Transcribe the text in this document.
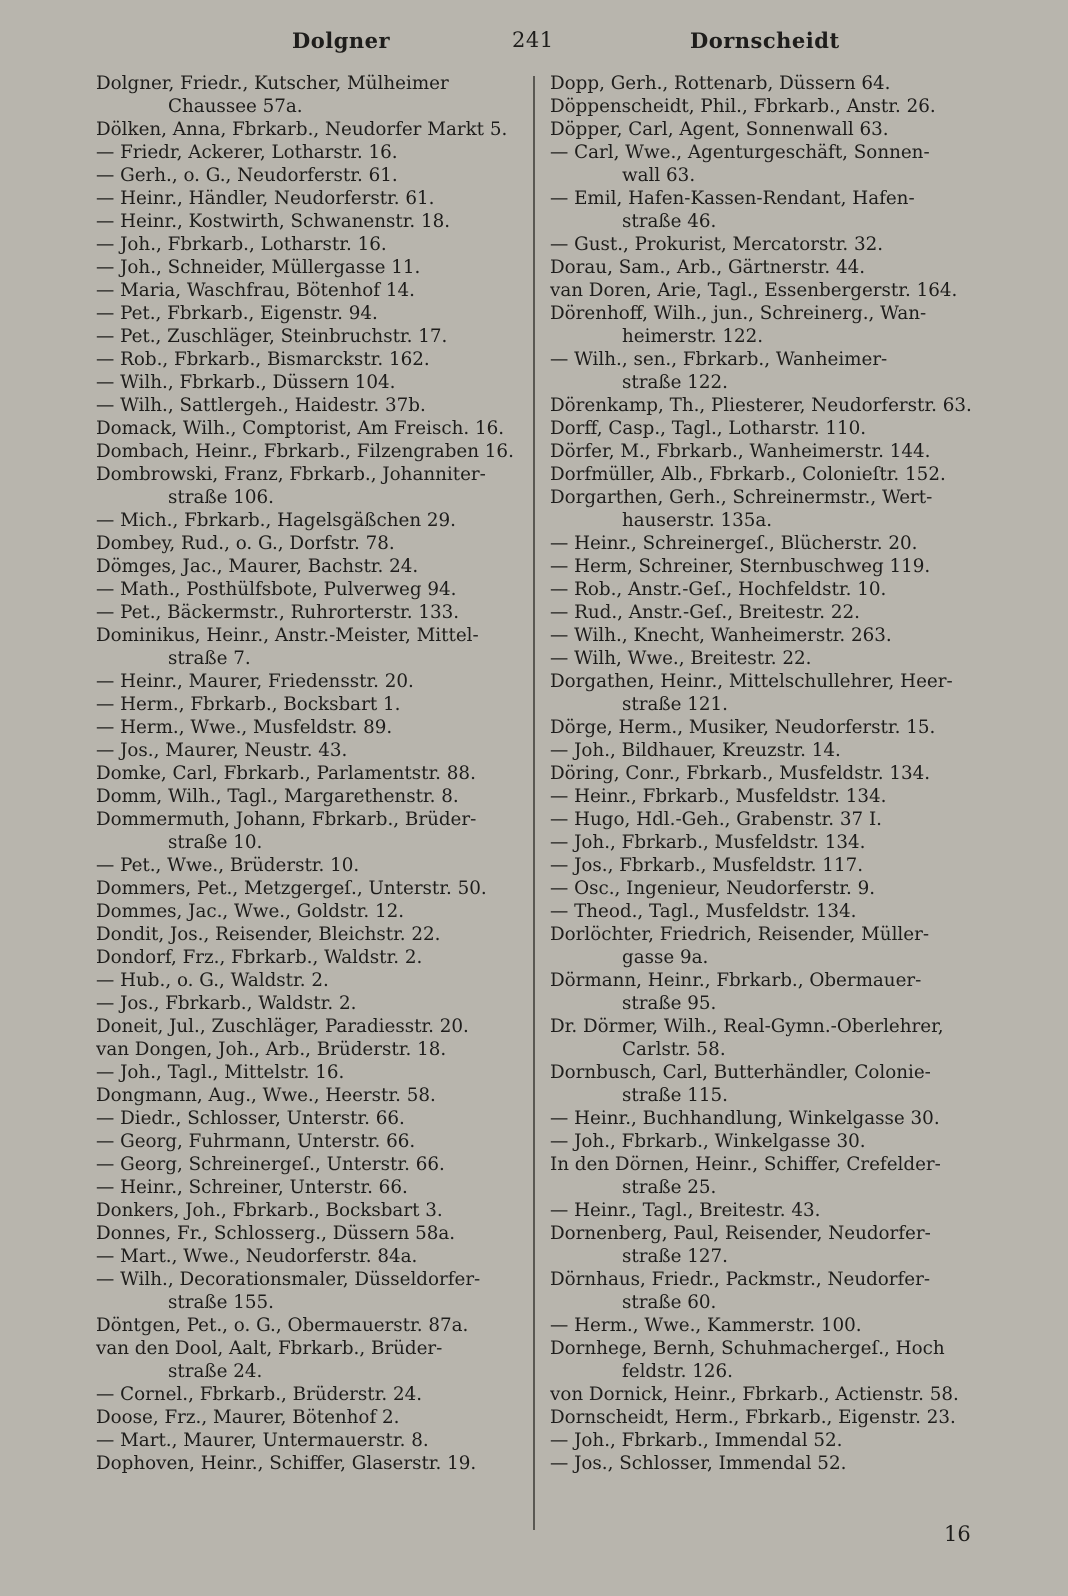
Dolgner	241	Dornscheidt
Dolgner, Friedr., Kutscher, Mülheimer
Chaussee 57a.
Dölken, Anna, Fbrkarb., Neudorfer Markt 5.
— Friedr, Ackerer, Lotharstr. 16.
— Gerh., o. G., Neudorferstr. 61.
— Heinr., Händler, Neudorferstr. 61.
— Heinr., Kostwirth, Schwanenstr. 18.
— Joh., Fbrkarb., Lotharstr. 16.
— Joh., Schneider, Müllergasse 11.
— Maria, Waschfrau, Bötenhof 14.
— Pet., Fbrkarb., Eigenstr. 94.
— Pet., Zuschläger, Steinbruchstr. 17.
— Rob., Fbrkarb., Bismarckstr. 162.
— Wilh., Fbrkarb., Düssern 104.
— Wilh., Sattlergeh., Haidestr. 37b.
Domack, Wilh., Comptorist, Am Freisch. 16.
Dombach, Heinr., Fbrkarb., Filzengraben 16.
Dombrowski, Franz, Fbrkarb., Johanniter-
straße 106.
— Mich., Fbrkarb., Hagelsgäßchen 29.
Dombey, Rud., o. G., Dorfstr. 78.
Dömges, Jac., Maurer, Bachstr. 24.
— Math., Posthülfsbote, Pulverweg 94.
— Pet., Bäckermstr., Ruhrorterstr. 133.
Dominikus, Heinr., Anstr.-Meister, Mittel-
straße 7.
— Heinr., Maurer, Friedensstr. 20.
— Herm., Fbrkarb., Bocksbart 1.
— Herm., Wwe., Musfeldstr. 89.
— Jos., Maurer, Neustr. 43.
Domke, Carl, Fbrkarb., Parlamentstr. 88.
Domm, Wilh., Tagl., Margarethenstr. 8.
Dommermuth, Johann, Fbrkarb., Brüder-
straße 10.
— Pet., Wwe., Brüderstr. 10.
Dommers, Pet., Metzgergeſ., Unterstr. 50.
Dommes, Jac., Wwe., Goldstr. 12.
Dondit, Jos., Reisender, Bleichstr. 22.
Dondorf, Frz., Fbrkarb., Waldstr. 2.
— Hub., o. G., Waldstr. 2.
— Jos., Fbrkarb., Waldstr. 2.
Doneit, Jul., Zuschläger, Paradiesstr. 20.
van Dongen, Joh., Arb., Brüderstr. 18.
— Joh., Tagl., Mittelstr. 16.
Dongmann, Aug., Wwe., Heerstr. 58.
— Diedr., Schlosser, Unterstr. 66.
— Georg, Fuhrmann, Unterstr. 66.
— Georg, Schreinergeſ., Unterstr. 66.
— Heinr., Schreiner, Unterstr. 66.
Donkers, Joh., Fbrkarb., Bocksbart 3.
Donnes, Fr., Schlosserg., Düssern 58a.
— Mart., Wwe., Neudorferstr. 84a.
— Wilh., Decorationsmaler, Düsseldorfer-
straße 155.
Döntgen, Pet., o. G., Obermauerstr. 87a.
van den Dool, Aalt, Fbrkarb., Brüder-
straße 24.
— Cornel., Fbrkarb., Brüderstr. 24.
Doose, Frz., Maurer, Bötenhof 2.
— Mart., Maurer, Untermauerstr. 8.
Dophoven, Heinr., Schiffer, Glaserstr. 19.
Dopp, Gerh., Rottenarb, Düssern 64.
Döppenscheidt, Phil., Fbrkarb., Anstr. 26.
Döpper, Carl, Agent, Sonnenwall 63.
— Carl, Wwe., Agenturgeschäft, Sonnen-
wall 63.
— Emil, Hafen-Kassen-Rendant, Hafen-
straße 46.
— Gust., Prokurist, Mercatorstr. 32.
Dorau, Sam., Arb., Gärtnerstr. 44.
van Doren, Arie, Tagl., Essenbergerstr. 164.
Dörenhoff, Wilh., jun., Schreinerg., Wan-
heimerstr. 122.
— Wilh., sen., Fbrkarb., Wanheimer-
straße 122.
Dörenkamp, Th., Pliesterer, Neudorferstr. 63.
Dorff, Casp., Tagl., Lotharstr. 110.
Dörfer, M., Fbrkarb., Wanheimerstr. 144.
Dorfmüller, Alb., Fbrkarb., Colonieſtr. 152.
Dorgarthen, Gerh., Schreinermstr., Wert-
hauserstr. 135a.
— Heinr., Schreinergeſ., Blücherstr. 20.
— Herm, Schreiner, Sternbuschweg 119.
— Rob., Anstr.-Geſ., Hochfeldstr. 10.
— Rud., Anstr.-Geſ., Breitestr. 22.
— Wilh., Knecht, Wanheimerstr. 263.
— Wilh, Wwe., Breitestr. 22.
Dorgathen, Heinr., Mittelschullehrer, Heer-
straße 121.
Dörge, Herm., Musiker, Neudorferstr. 15.
— Joh., Bildhauer, Kreuzstr. 14.
Döring, Conr., Fbrkarb., Musfeldstr. 134.
— Heinr., Fbrkarb., Musfeldstr. 134.
— Hugo, Hdl.-Geh., Grabenstr. 37 I.
— Joh., Fbrkarb., Musfeldstr. 134.
— Jos., Fbrkarb., Musfeldstr. 117.
— Osc., Ingenieur, Neudorferstr. 9.
— Theod., Tagl., Musfeldstr. 134.
Dorlöchter, Friedrich, Reisender, Müller-
gasse 9a.
Dörmann, Heinr., Fbrkarb., Obermauer-
straße 95.
Dr. Dörmer, Wilh., Real-Gymn.-Oberlehrer,
Carlstr. 58.
Dornbusch, Carl, Butterhändler, Colonie-
straße 115.
— Heinr., Buchhandlung, Winkelgasse 30.
— Joh., Fbrkarb., Winkelgasse 30.
In den Dörnen, Heinr., Schiffer, Crefelder-
straße 25.
— Heinr., Tagl., Breitestr. 43.
Dornenberg, Paul, Reisender, Neudorfer-
straße 127.
Dörnhaus, Friedr., Packmstr., Neudorfer-
straße 60.
— Herm., Wwe., Kammerstr. 100.
Dornhege, Bernh, Schuhmachergeſ., Hoch
feldstr. 126.
von Dornick, Heinr., Fbrkarb., Actienstr. 58.
Dornscheidt, Herm., Fbrkarb., Eigenstr. 23.
— Joh., Fbrkarb., Immendal 52.
— Jos., Schlosser, Immendal 52.
16
